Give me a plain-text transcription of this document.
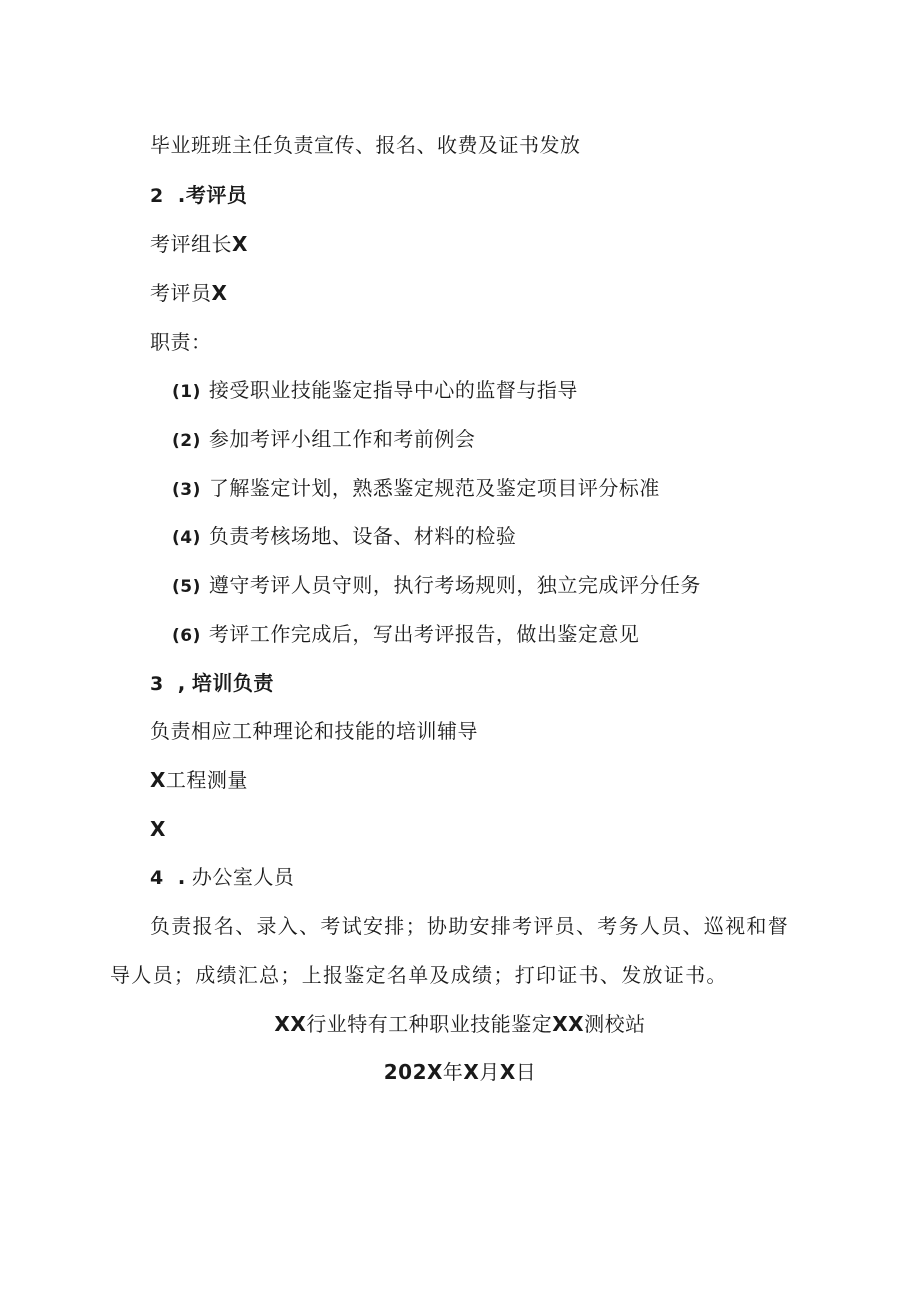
毕业班班主任负责宣传、报名、收费及证书发放
2 .考评员
考评组长X
考评员X
职责：
(1) 接受职业技能鉴定指导中心的监督与指导
(2) 参加考评小组工作和考前例会
(3) 了解鉴定计划，熟悉鉴定规范及鉴定项目评分标准
(4) 负责考核场地、设备、材料的检验
(5) 遵守考评人员守则，执行考场规则，独立完成评分任务
(6) 考评工作完成后，写出考评报告，做出鉴定意见
3 , 培训负责
负责相应工种理论和技能的培训辅导
X工程测量
X
4 . 办公室人员
负责报名、录入、考试安排；协助安排考评员、考务人员、巡视和督
导人员；成绩汇总；上报鉴定名单及成绩；打印证书、发放证书。
XX行业特有工种职业技能鉴定XX测校站
202X年X月X日
